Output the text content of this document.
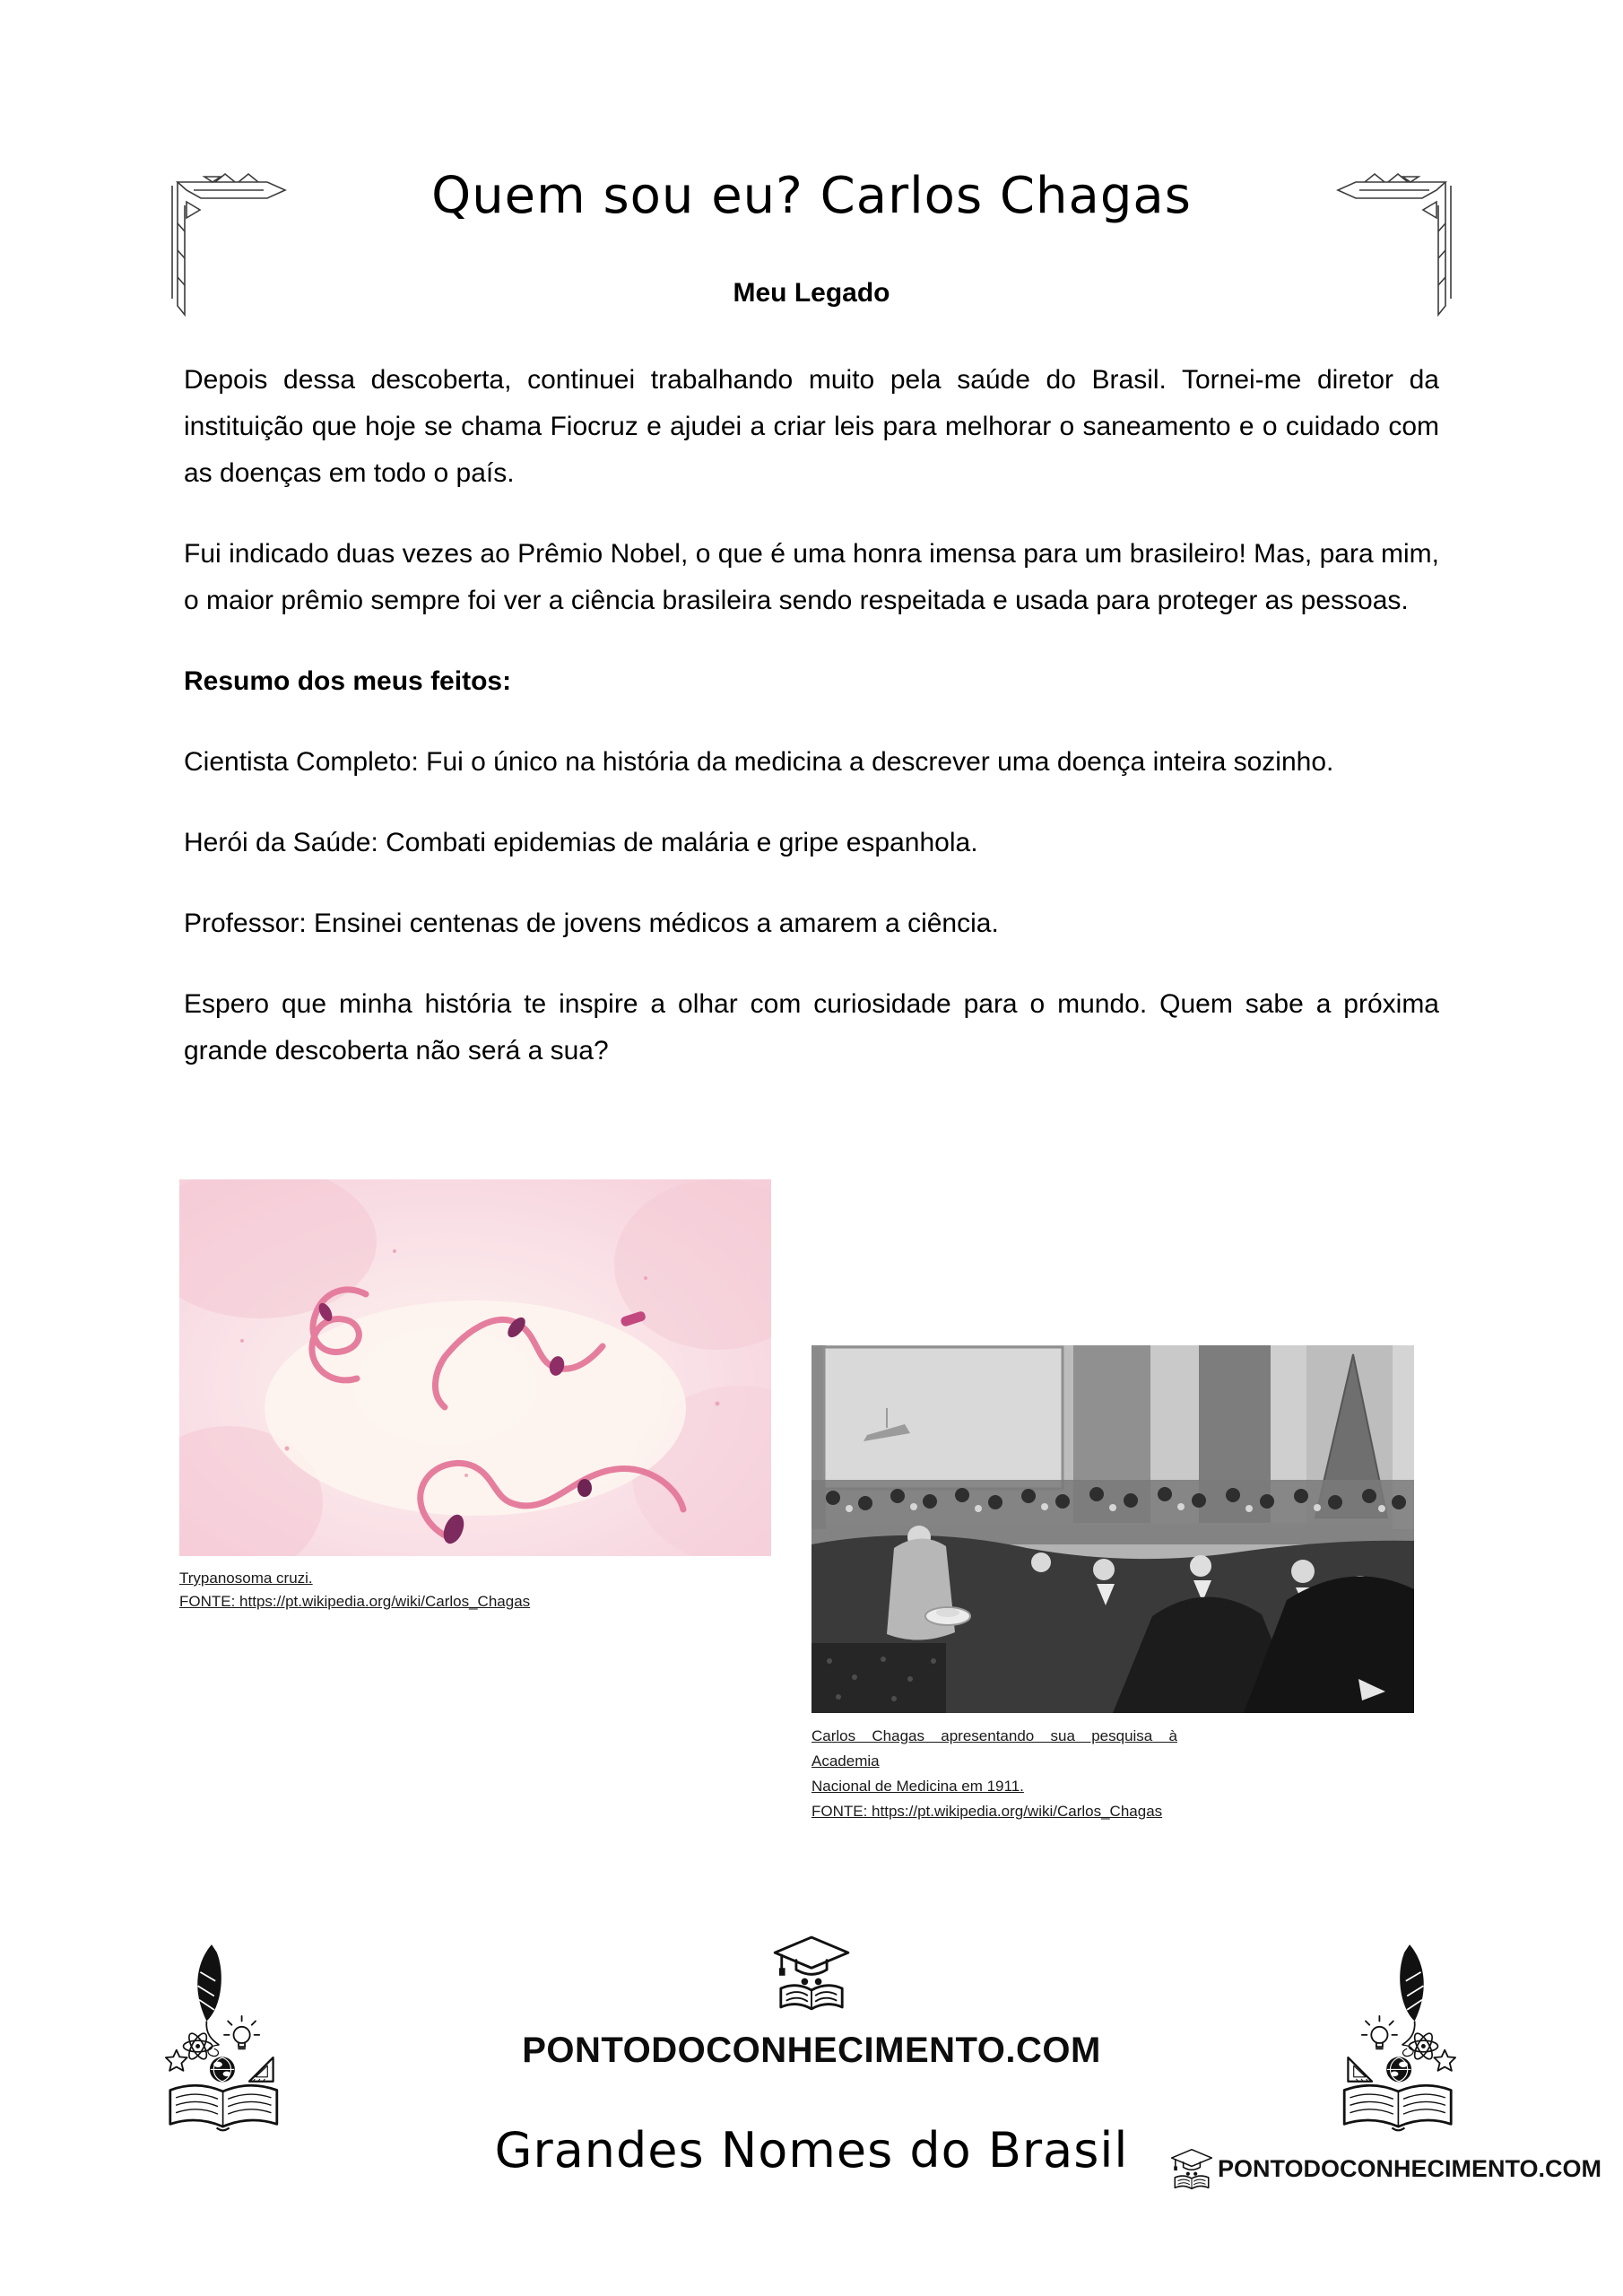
Quem sou eu? Carlos Chagas
Meu Legado

Depois dessa descoberta, continuei trabalhando muito pela saúde do Brasil. Tornei-me diretor da instituição que hoje se chama Fiocruz e ajudei a criar leis para melhorar o saneamento e o cuidado com as doenças em todo o país.

Fui indicado duas vezes ao Prêmio Nobel, o que é uma honra imensa para um brasileiro! Mas, para mim, o maior prêmio sempre foi ver a ciência brasileira sendo respeitada e usada para proteger as pessoas.

Resumo dos meus feitos:

Cientista Completo: Fui o único na história da medicina a descrever uma doença inteira sozinho.

Herói da Saúde: Combati epidemias de malária e gripe espanhola.

Professor: Ensinei centenas de jovens médicos a amarem a ciência.

Espero que minha história te inspire a olhar com curiosidade para o mundo. Quem sabe a próxima grande descoberta não será a sua?

Trypanosoma cruzi.
FONTE: https://pt.wikipedia.org/wiki/Carlos_Chagas
Carlos Chagas apresentando sua pesquisa à Academia
Nacional de Medicina em 1911.
FONTE: https://pt.wikipedia.org/wiki/Carlos_Chagas

PONTODOCONHECIMENTO.COM

Grandes Nomes do Brasil	PONTODOCONHECIMENTO.COM
